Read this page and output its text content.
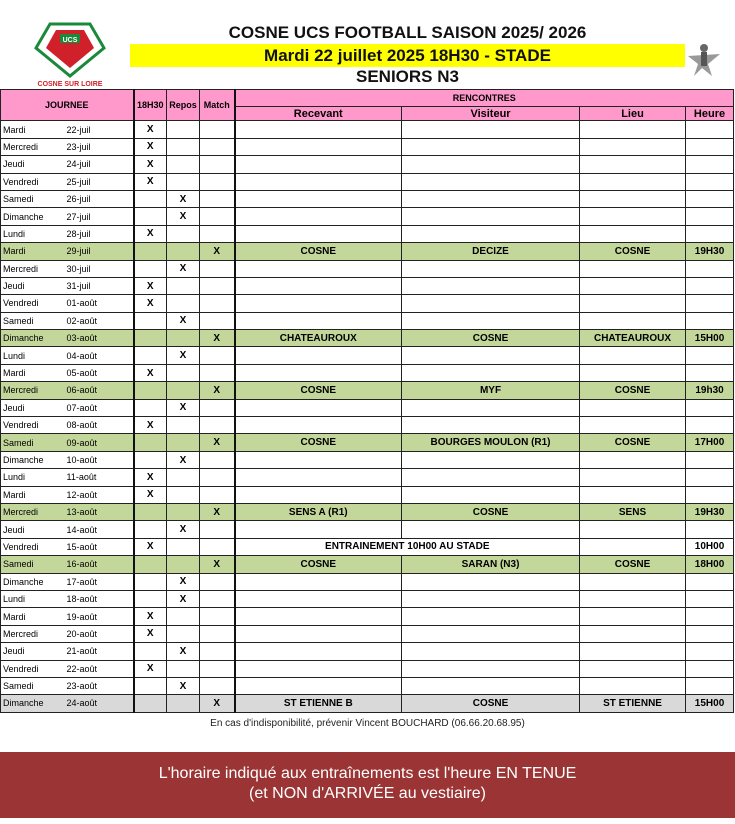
UCS
COSNE SUR LOIRE
COSNE UCS FOOTBALL SAISON 2025/ 2026
Mardi 22 juillet 2025 18H30 - STADE
SENIORS N3
JOURNEE		18H30	Repos	Match	RENCONTRES			
					Recevant	Visiteur	Lieu	Heure
Mardi	22-juil	X						
Mercredi	23-juil	X						
Jeudi	24-juil	X						
Vendredi	25-juil	X						
Samedi	26-juil		X					
Dimanche	27-juil		X					
Lundi	28-juil	X						
Mardi	29-juil			X	COSNE	DECIZE	COSNE	19H30
Mercredi	30-juil		X					
Jeudi	31-juil	X						
Vendredi	01-août	X						
Samedi	02-août		X					
Dimanche	03-août			X	CHATEAUROUX	COSNE	CHATEAUROUX	15H00
Lundi	04-août		X					
Mardi	05-août	X						
Mercredi	06-août			X	COSNE	MYF	COSNE	19h30
Jeudi	07-août		X					
Vendredi	08-août	X						
Samedi	09-août			X	COSNE	BOURGES MOULON (R1)	COSNE	17H00
Dimanche	10-août		X					
Lundi	11-août	X						
Mardi	12-août	X						
Mercredi	13-août			X	SENS A (R1)	COSNE	SENS	19H30
Jeudi	14-août		X					
Vendredi	15-août	X			ENTRAINEMENT 10H00 AU STADE			10H00
Samedi	16-août			X	COSNE	SARAN (N3)	COSNE	18H00
Dimanche	17-août		X					
Lundi	18-août		X					
Mardi	19-août	X						
Mercredi	20-août	X						
Jeudi	21-août		X					
Vendredi	22-août	X						
Samedi	23-août		X					
Dimanche	24-août			X	ST ETIENNE B	COSNE	ST ETIENNE	15H00
En cas d'indisponibilité, prévenir Vincent BOUCHARD (06.66.20.68.95)
L'horaire indiqué aux entraînements est l'heure EN TENUE
(et NON d'ARRIVÉE au vestiaire)
